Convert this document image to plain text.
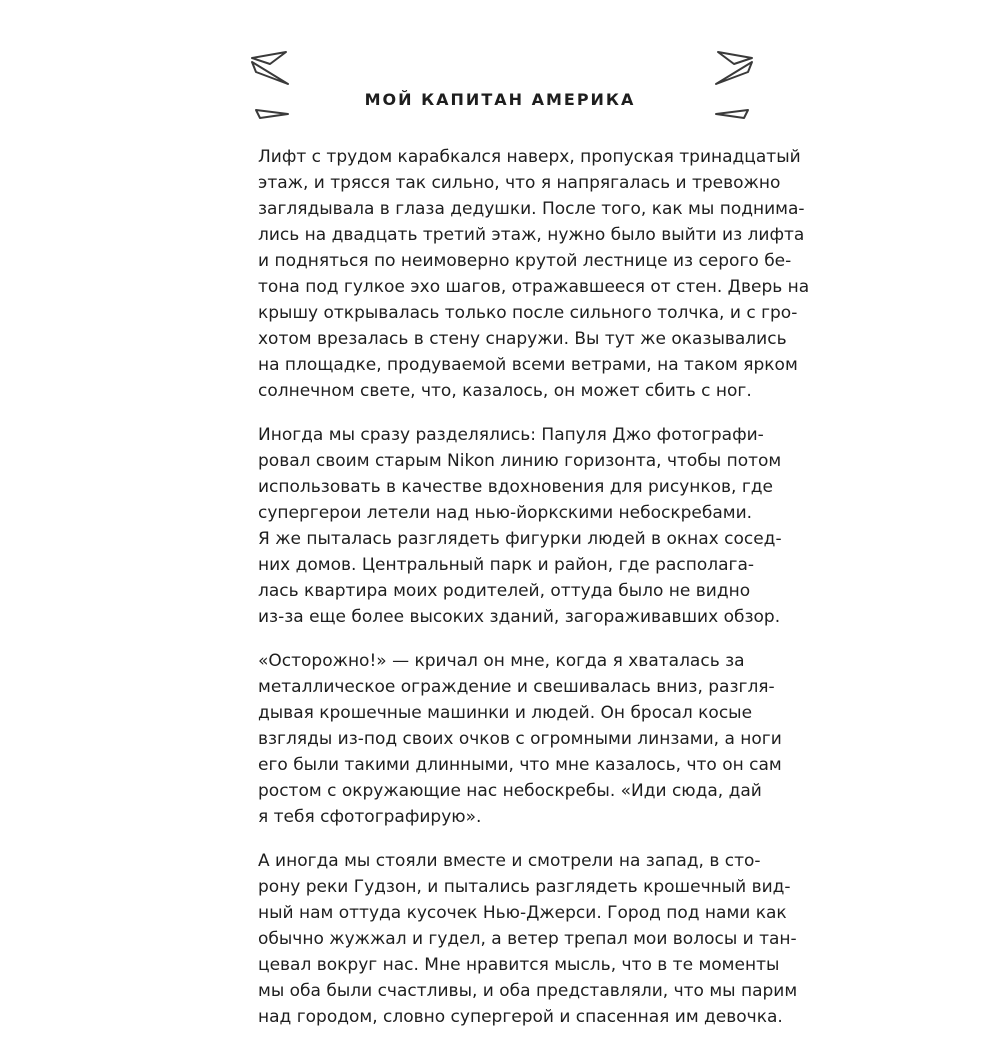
МОЙ КАПИТАН АМЕРИКА
Лифт с трудом карабкался наверх, пропуская тринадцатый
этаж, и трясся так сильно, что я напрягалась и тревожно
заглядывала в глаза дедушки. После того, как мы поднима-
лись на двадцать третий этаж, нужно было выйти из лифта
и подняться по неимоверно крутой лестнице из серого бе-
тона под гулкое эхо шагов, отражавшееся от стен. Дверь на
крышу открывалась только после сильного толчка, и с гро-
хотом врезалась в стену снаружи. Вы тут же оказывались
на площадке, продуваемой всеми ветрами, на таком ярком
солнечном свете, что, казалось, он может сбить с ног.
Иногда мы сразу разделялись: Папуля Джо фотографи-
ровал своим старым Nikon линию горизонта, чтобы потом
использовать в качестве вдохновения для рисунков, где
супергерои летели над нью-йоркскими небоскребами.
Я же пыталась разглядеть фигурки людей в окнах сосед-
них домов. Центральный парк и район, где располага-
лась квартира моих родителей, оттуда было не видно
из-за еще более высоких зданий, загораживавших обзор.
«Осторожно!» — кричал он мне, когда я хваталась за
металлическое ограждение и свешивалась вниз, разгля-
дывая крошечные машинки и людей. Он бросал косые
взгляды из-под своих очков с огромными линзами, а ноги
его были такими длинными, что мне казалось, что он сам
ростом с окружающие нас небоскребы. «Иди сюда, дай
я тебя сфотографирую».
А иногда мы стояли вместе и смотрели на запад, в сто-
рону реки Гудзон, и пытались разглядеть крошечный вид-
ный нам оттуда кусочек Нью-Джерси. Город под нами как
обычно жужжал и гудел, а ветер трепал мои волосы и тан-
цевал вокруг нас. Мне нравится мысль, что в те моменты
мы оба были счастливы, и оба представляли, что мы парим
над городом, словно супергерой и спасенная им девочка.
